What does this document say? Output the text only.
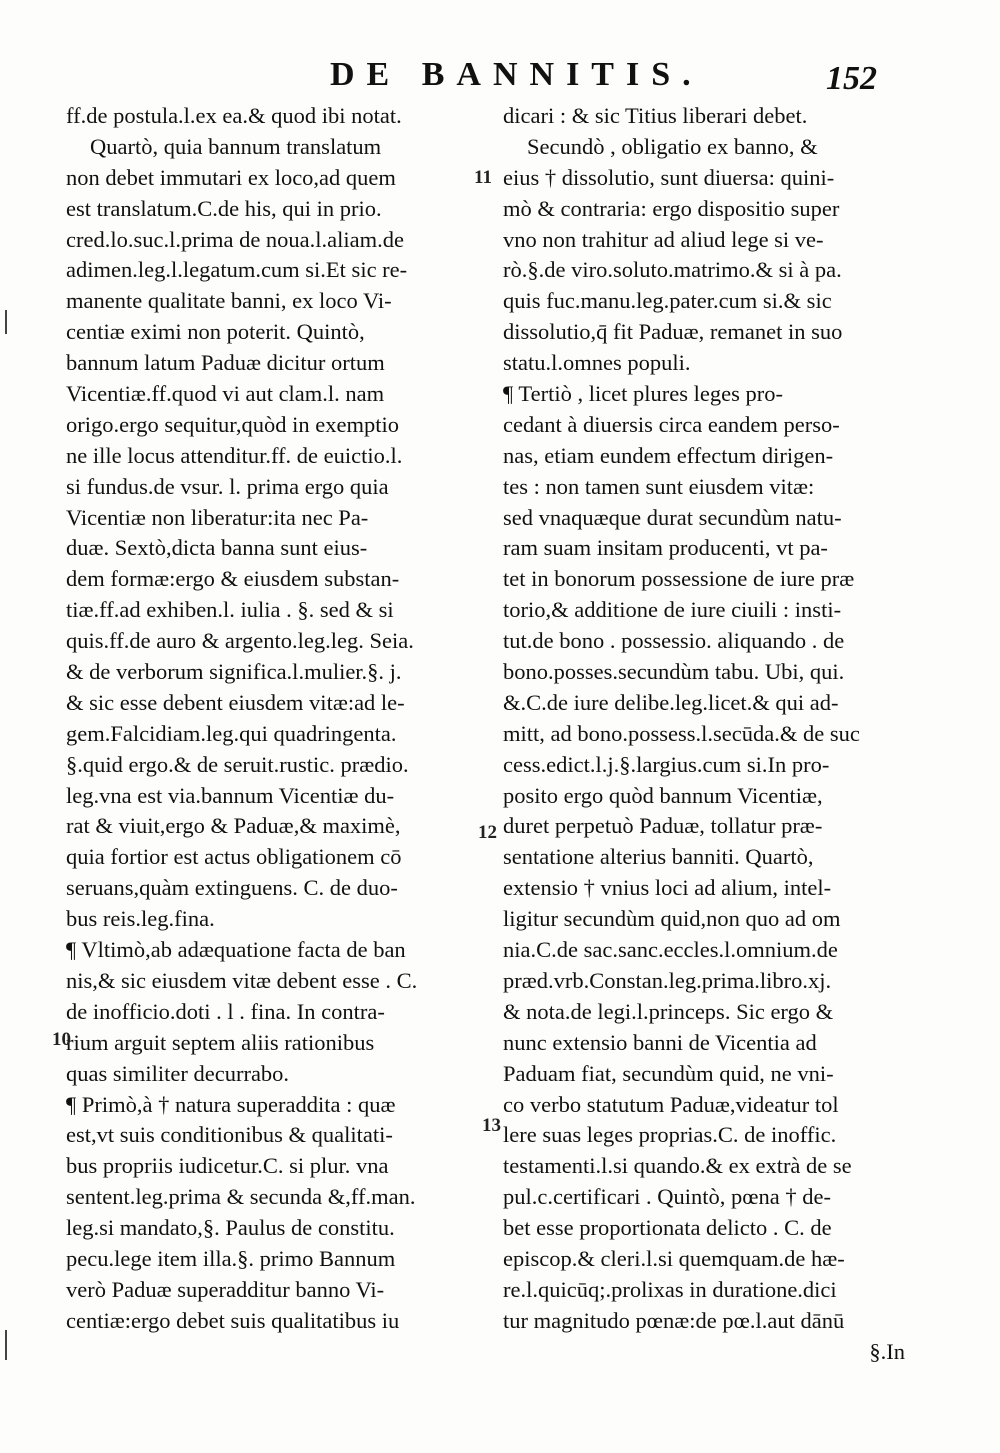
DE BANNITIS.	152
ff.de postula.l.ex ea.& quod ibi notat.
Quartò, quia bannum translatum
non debet immutari ex loco,ad quem
est translatum.C.de his, qui in prio.
cred.lo.suc.l.prima de noua.l.aliam.de
adimen.leg.l.legatum.cum si.Et sic re-
manente qualitate banni, ex loco Vi-
centiæ eximi non poterit. Quintò,
bannum latum Paduæ dicitur ortum
Vicentiæ.ff.quod vi aut clam.l. nam
origo.ergo sequitur,quòd in exemptio
ne ille locus attenditur.ff. de euictio.l.
si fundus.de vsur. l. prima ergo quia
Vicentiæ non liberatur:ita nec Pa-
duæ. Sextò,dicta banna sunt eius-
dem formæ:ergo & eiusdem substan-
tiæ.ff.ad exhiben.l. iulia . §. sed & si
quis.ff.de auro & argento.leg.leg. Seia.
& de verborum significa.l.mulier.§. j.
& sic esse debent eiusdem vitæ:ad le-
gem.Falcidiam.leg.qui quadringenta.
§.quid ergo.& de seruit.rustic. prædio.
leg.vna est via.bannum Vicentiæ du-
rat & viuit,ergo & Paduæ,& maximè,
quia fortior est actus obligationem cō
seruans,quàm extinguens. C. de duo-
bus reis.leg.fina.
¶ Vltimò,ab adæquatione facta de ban
nis,& sic eiusdem vitæ debent esse . C.
de inofficio.doti . l . fina. In contra-
rium arguit septem aliis rationibus
quas similiter decurrabo.
¶ Primò,à † natura superaddita : quæ
est,vt suis conditionibus & qualitati-
bus propriis iudicetur.C. si plur. vna
sentent.leg.prima & secunda &,ff.man.
leg.si mandato,§. Paulus de constitu.
pecu.lege item illa.§. primo Bannum
verò Paduæ superadditur banno Vi-
centiæ:ergo debet suis qualitatibus iu
dicari : & sic Titius liberari debet.
Secundò , obligatio ex banno, &
eius † dissolutio, sunt diuersa: quini-
mò & contraria: ergo dispositio super
vno non trahitur ad aliud lege si ve-
rò.§.de viro.soluto.matrimo.& si à pa.
quis fuc.manu.leg.pater.cum si.& sic
dissolutio,q̄ fit Paduæ, remanet in suo
statu.l.omnes populi.
¶ Tertiò , licet plures leges pro-
cedant à diuersis circa eandem perso-
nas, etiam eundem effectum dirigen-
tes : non tamen sunt eiusdem vitæ:
sed vnaquæque durat secundùm natu-
ram suam insitam producenti, vt pa-
tet in bonorum possessione de iure præ
torio,& additione de iure ciuili : insti-
tut.de bono . possessio. aliquando . de
bono.posses.secundùm tabu. Ubi, qui.
&.C.de iure delibe.leg.licet.& qui ad-
mitt, ad bono.possess.l.secūda.& de suc
cess.edict.l.j.§.largius.cum si.In pro-
posito ergo quòd bannum Vicentiæ,
duret perpetuò Paduæ, tollatur præ-
sentatione alterius banniti. Quartò,
extensio † vnius loci ad alium, intel-
ligitur secundùm quid,non quo ad om
nia.C.de sac.sanc.eccles.l.omnium.de
præd.vrb.Constan.leg.prima.libro.xj.
& nota.de legi.l.princeps. Sic ergo &
nunc extensio banni de Vicentia ad
Paduam fiat, secundùm quid, ne vni-
co verbo statutum Paduæ,videatur tol
lere suas leges proprias.C. de inoffic.
testamenti.l.si quando.& ex extrà de se
pul.c.certificari . Quintò, pœna † de-
bet esse proportionata delicto . C. de
episcop.& cleri.l.si quemquam.de hæ-
re.l.quicūq;.prolixas in duratione.dici
tur magnitudo pœnæ:de pœ.l.aut dānū
§.In
11
10
12
13
